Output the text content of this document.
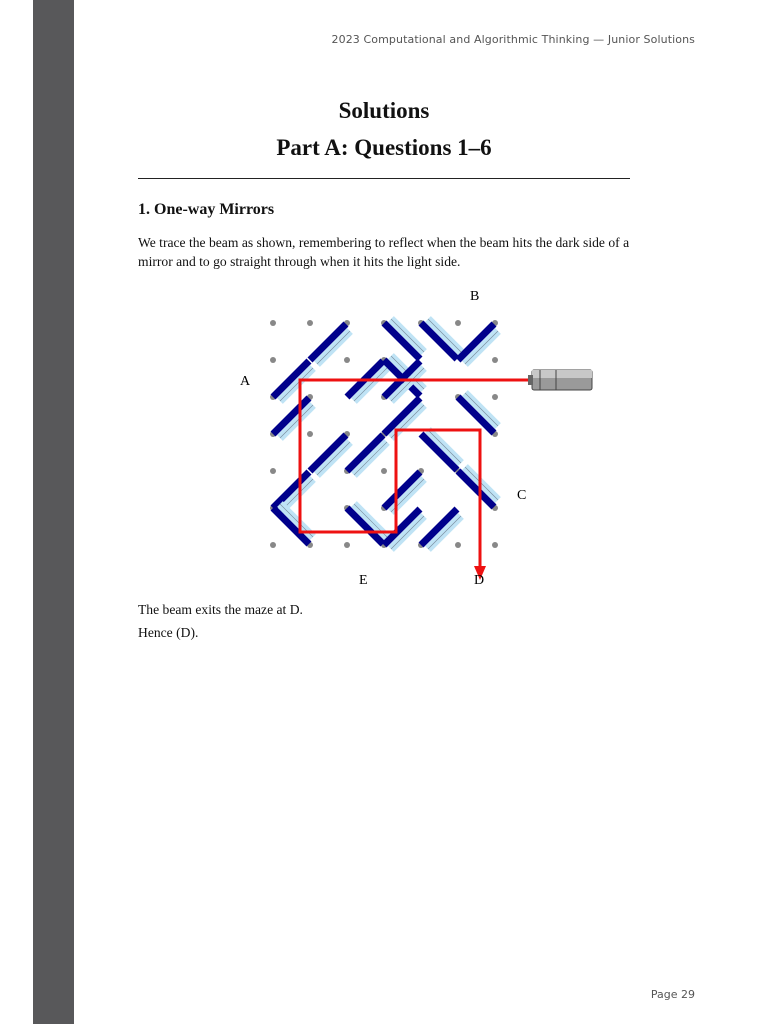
2023 Computational and Algorithmic Thinking — Junior Solutions
Solutions
Part A: Questions 1–6
1. One-way Mirrors

We trace the beam as shown, remembering to reflect when the beam hits the dark side of a mirror and to go straight through when it hits the light side.

A
B
C
E	D

The beam exits the maze at D.

Hence (D).

Page 29
